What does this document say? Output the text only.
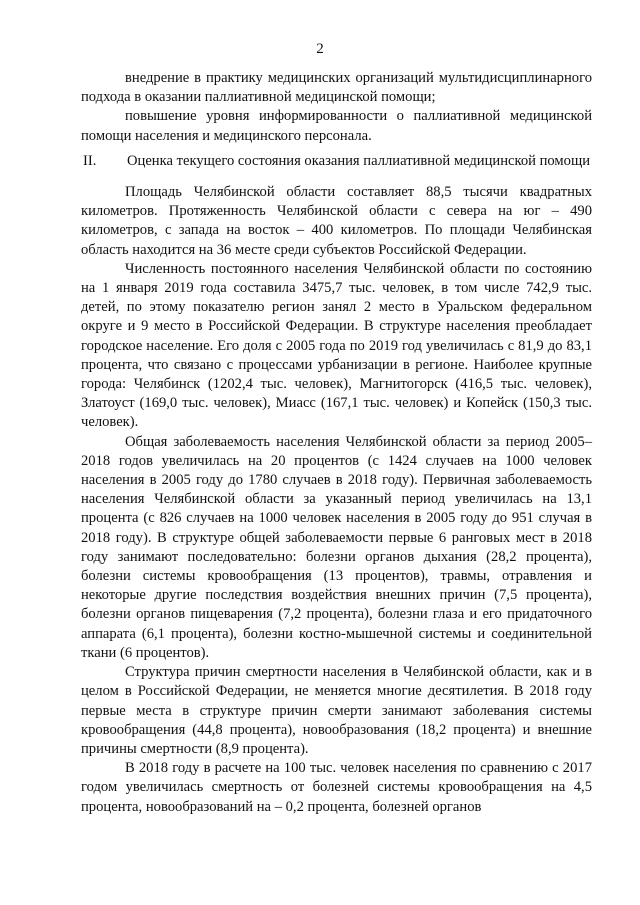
2

внедрение в практику медицинских организаций мультидисциплинарного подхода в оказании паллиативной медицинской помощи;

повышение уровня информированности о паллиативной медицинской помощи населения и медицинского персонала.

II. Оценка текущего состояния оказания паллиативной медицинской помощи

Площадь Челябинской области составляет 88,5 тысячи квадратных километров. Протяженность Челябинской области с севера на юг – 490 километров, с запада на восток – 400 километров. По площади Челябинская область находится на 36 месте среди субъектов Российской Федерации.

Численность постоянного населения Челябинской области по состоянию на 1 января 2019 года составила 3475,7 тыс. человек, в том числе 742,9 тыс. детей, по этому показателю регион занял 2 место в Уральском федеральном округе и 9 место в Российской Федерации. В структуре населения преобладает городское население. Его доля с 2005 года по 2019 год увеличилась с 81,9 до 83,1 процента, что связано с процессами урбанизации в регионе. Наиболее крупные города: Челябинск (1202,4 тыс. человек), Магнитогорск (416,5 тыс. человек), Златоуст (169,0 тыс. человек), Миасс (167,1 тыс. человек) и Копейск (150,3 тыс. человек).

Общая заболеваемость населения Челябинской области за период 2005–2018 годов увеличилась на 20 процентов (с 1424 случаев на 1000 человек населения в 2005 году до 1780 случаев в 2018 году). Первичная заболеваемость населения Челябинской области за указанный период увеличилась на 13,1 процента (с 826 случаев на 1000 человек населения в 2005 году до 951 случая в 2018 году). В структуре общей заболеваемости первые 6 ранговых мест в 2018 году занимают последовательно: болезни органов дыхания (28,2 процента), болезни системы кровообращения (13 процентов), травмы, отравления и некоторые другие последствия воздействия внешних причин (7,5 процента), болезни органов пищеварения (7,2 процента), болезни глаза и его придаточного аппарата (6,1 процента), болезни костно-мышечной системы и соединительной ткани (6 процентов).

Структура причин смертности населения в Челябинской области, как и в целом в Российской Федерации, не меняется многие десятилетия. В 2018 году первые места в структуре причин смерти занимают заболевания системы кровообращения (44,8 процента), новообразования (18,2 процента) и внешние причины смертности (8,9 процента).

В 2018 году в расчете на 100 тыс. человек населения по сравнению с 2017 годом увеличилась смертность от болезней системы кровообращения на 4,5 процента, новообразований на – 0,2 процента, болезней органов
